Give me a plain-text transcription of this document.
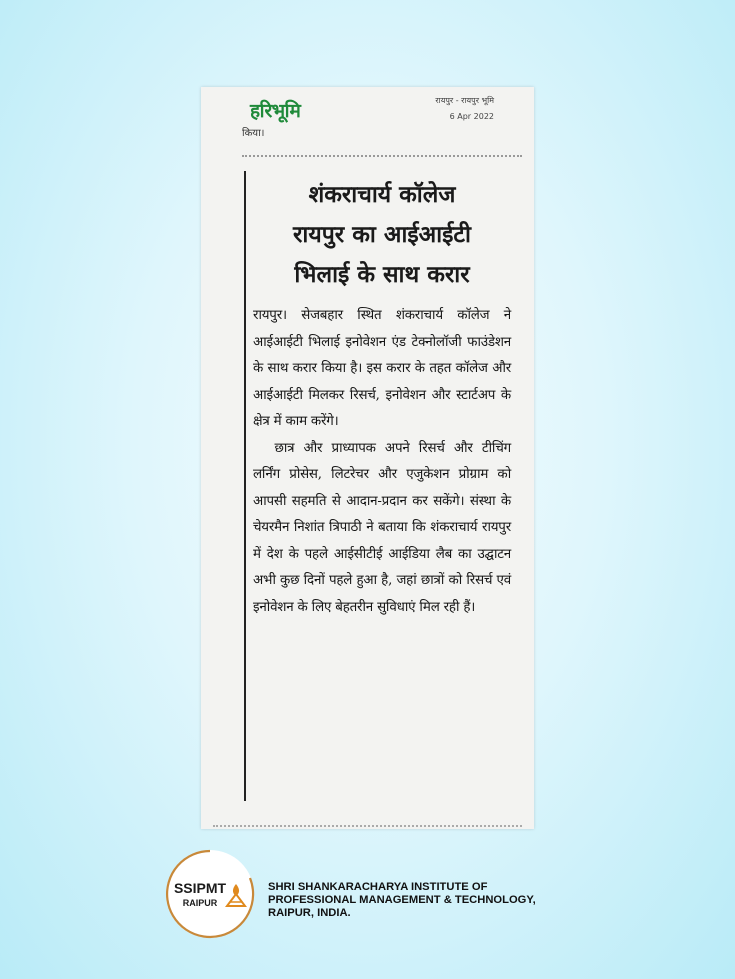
हरिभूमि	रायपुर - रायपुर भूमि
6 Apr 2022
किया।
शंकराचार्य कॉलेज
रायपुर का आईआईटी
भिलाई के साथ करार

रायपुर। सेजबहार स्थित शंकराचार्य कॉलेज ने आईआईटी भिलाई इनोवेशन एंड टेक्नोलॉजी फाउंडेशन के साथ करार किया है। इस करार के तहत कॉलेज और आईआईटी मिलकर रिसर्च, इनोवेशन और स्टार्टअप के क्षेत्र में काम करेंगे।

छात्र और प्राध्यापक अपने रिसर्च और टीचिंग लर्निंग प्रोसेस, लिटरेचर और एजुकेशन प्रोग्राम को आपसी सहमति से आदान-प्रदान कर सकेंगे। संस्था के चेयरमैन निशांत त्रिपाठी ने बताया कि शंकराचार्य रायपुर में देश के पहले आईसीटीई आईडिया लैब का उद्घाटन अभी कुछ दिनों पहले हुआ है, जहां छात्रों को रिसर्च एवं इनोवेशन के लिए बेहतरीन सुविधाएं मिल रही हैं।

SSIPMT
RAIPUR
SHRI SHANKARACHARYA INSTITUTE OF
PROFESSIONAL MANAGEMENT & TECHNOLOGY,
RAIPUR, INDIA.
